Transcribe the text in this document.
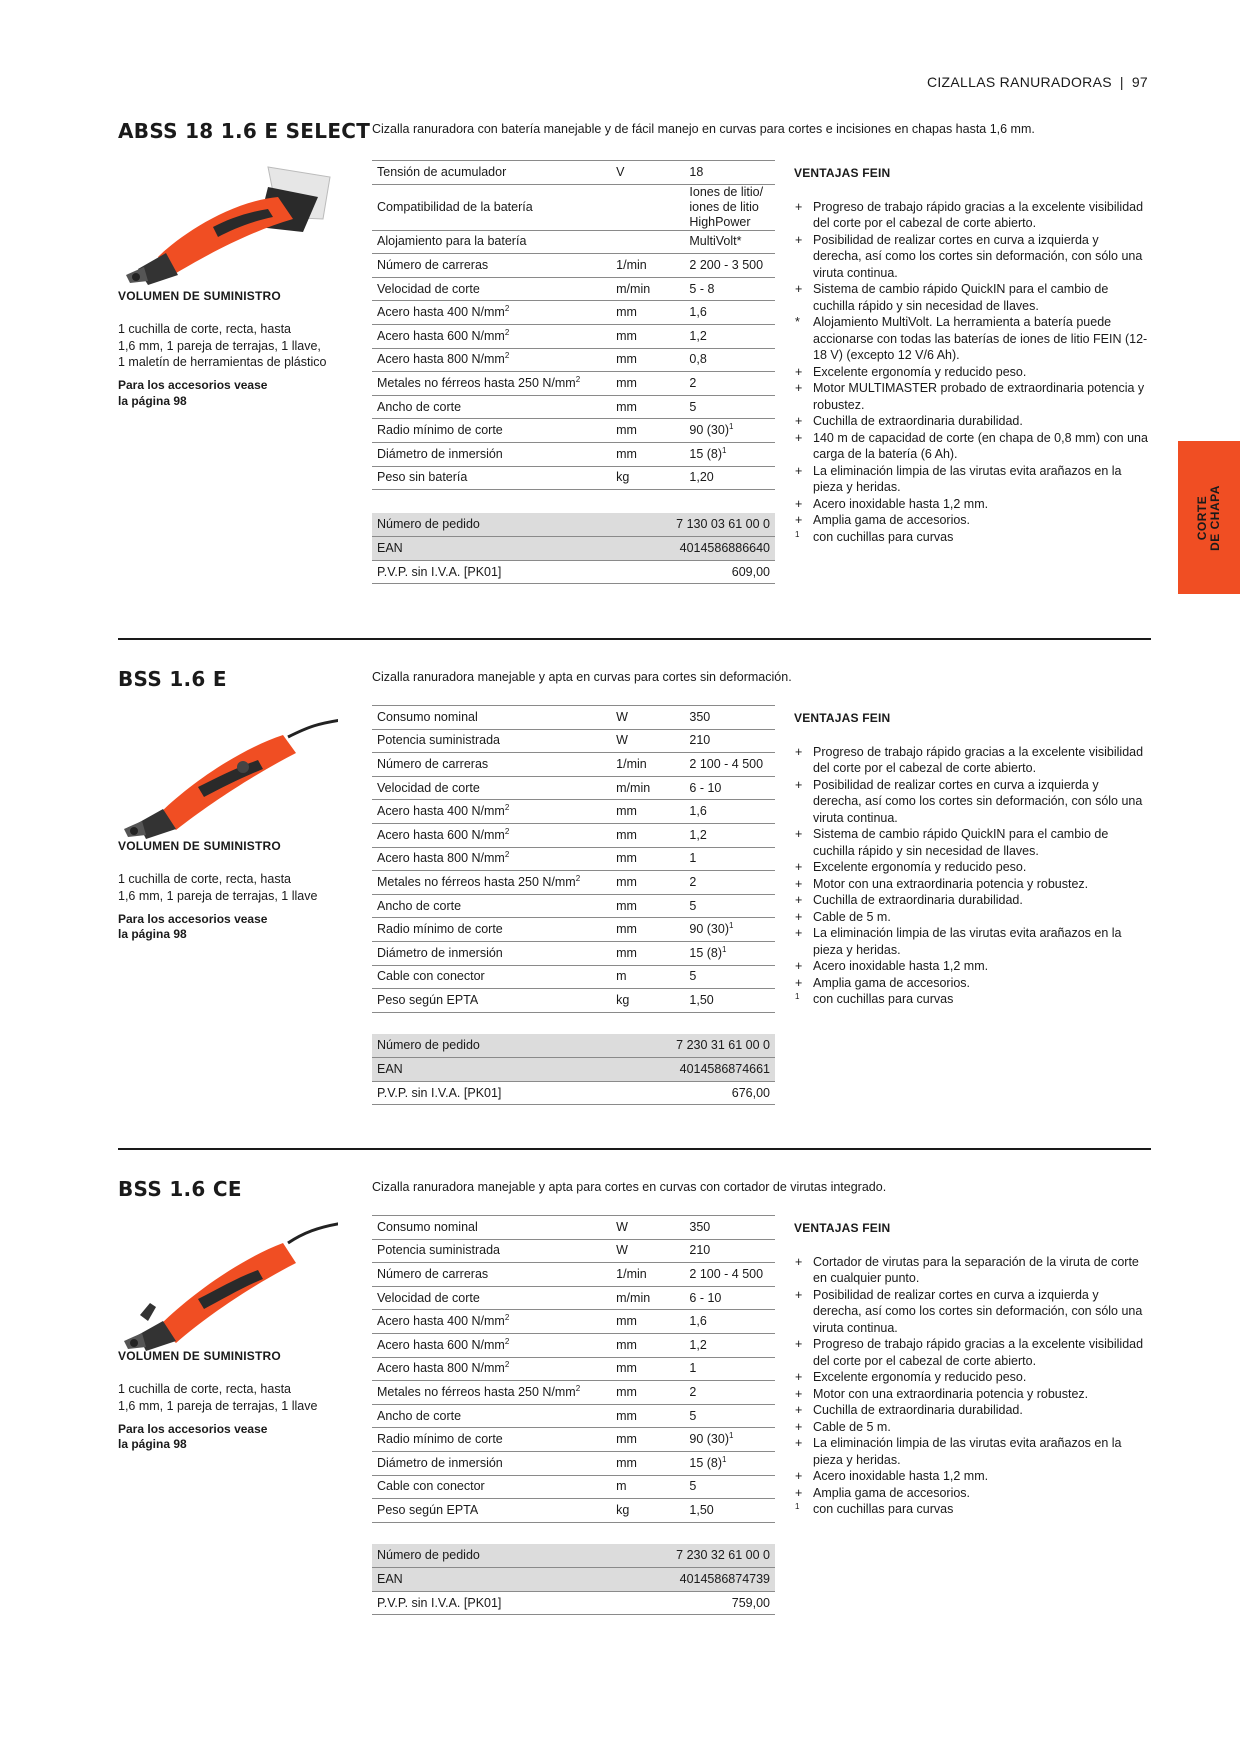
CIZALLAS RANURADORAS | 97
CORTE
DE CHAPA
ABSS 18 1.6 E SELECT Cizalla ranuradora con batería manejable y de fácil manejo en curvas para cortes e incisiones en chapas hasta 1,6 mm.
VOLUMEN DE SUMINISTRO
1 cuchilla de corte, recta, hasta
1,6 mm, 1 pareja de terrajas, 1 llave,
1 maletín de herramientas de plástico
Para los accesorios vease
la página 98
Tensión de acumulador	V	18
Compatibilidad de la batería		Iones de litio/ iones de litio HighPower
Alojamiento para la batería		MultiVolt*
Número de carreras	1/min	2 200 - 3 500
Velocidad de corte	m/min	5 - 8
Acero hasta 400 $N/mm^2$	mm	1,6
Acero hasta 600 $N/mm^2$	mm	1,2
Acero hasta 800 $N/mm^2$	mm	0,8
Metales no férreos hasta 250 $N/mm^2$	mm	2
Ancho de corte	mm	5
Radio mínimo de corte	mm	90 $(30)^1$
Diámetro de inmersión	mm	15 $(8)^1$
Peso sin batería	kg	1,20
Número de pedido	7 130 03 61 00 0
EAN	4014586886640
P.V.P. sin I.V.A. [PK01]	609,00
VENTAJAS FEIN
+ Progreso de trabajo rápido gracias a la excelente visibilidad del corte por el cabezal de corte abierto.
+ Posibilidad de realizar cortes en curva a izquierda y derecha, así como los cortes sin deformación, con sólo una viruta continua.
+ Sistema de cambio rápido QuickIN para el cambio de cuchilla rápido y sin necesidad de llaves.
*	Alojamiento MultiVolt. La herramienta a batería puede accionarse con todas las baterías de iones de litio FEIN (12-18 V) (excepto 12 V/6 Ah).
+ Excelente ergonomía y reducido peso.
+ Motor MULTIMASTER probado de extraordinaria potencia y robustez.
+ Cuchilla de extraordinaria durabilidad.
+ 140 m de capacidad de corte (en chapa de 0,8 mm) con una carga de la batería (6 Ah).
+ La eliminación limpia de las virutas evita arañazos en la pieza y heridas.
+ Acero inoxidable hasta 1,2 mm.
+ Amplia gama de accesorios.
1	con cuchillas para curvas
BSS 1.6 E	Cizalla ranuradora manejable y apta en curvas para cortes sin deformación.
VOLUMEN DE SUMINISTRO
1 cuchilla de corte, recta, hasta
1,6 mm, 1 pareja de terrajas, 1 llave
Para los accesorios vease
la página 98
Consumo nominal	W	350
Potencia suministrada	W	210
Número de carreras	1/min	2 100 - 4 500
Velocidad de corte	m/min	6 - 10
Acero hasta 400 $N/mm^2$	mm	1,6
Acero hasta 600 $N/mm^2$	mm	1,2
Acero hasta 800 $N/mm^2$	mm	1
Metales no férreos hasta 250 $N/mm^2$	mm	2
Ancho de corte	mm	5
Radio mínimo de corte	mm	90 $(30)^1$
Diámetro de inmersión	mm	15 $(8)^1$
Cable con conector	m	5
Peso según EPTA	kg	1,50
Número de pedido	7 230 31 61 00 0
EAN	4014586874661
P.V.P. sin I.V.A. [PK01]	676,00
VENTAJAS FEIN
+ Progreso de trabajo rápido gracias a la excelente visibilidad del corte por el cabezal de corte abierto.
+ Posibilidad de realizar cortes en curva a izquierda y derecha, así como los cortes sin deformación, con sólo una viruta continua.
+ Sistema de cambio rápido QuickIN para el cambio de cuchilla rápido y sin necesidad de llaves.
+ Excelente ergonomía y reducido peso.
+ Motor con una extraordinaria potencia y robustez.
+ Cuchilla de extraordinaria durabilidad.
+ Cable de 5 m.
+ La eliminación limpia de las virutas evita arañazos en la pieza y heridas.
+ Acero inoxidable hasta 1,2 mm.
+ Amplia gama de accesorios.
1	con cuchillas para curvas
BSS 1.6 CE	Cizalla ranuradora manejable y apta para cortes en curvas con cortador de virutas integrado.
VOLUMEN DE SUMINISTRO
1 cuchilla de corte, recta, hasta
1,6 mm, 1 pareja de terrajas, 1 llave
Para los accesorios vease
la página 98
Consumo nominal	W	350
Potencia suministrada	W	210
Número de carreras	1/min	2 100 - 4 500
Velocidad de corte	m/min	6 - 10
Acero hasta 400 $N/mm^2$	mm	1,6
Acero hasta 600 $N/mm^2$	mm	1,2
Acero hasta 800 $N/mm^2$	mm	1
Metales no férreos hasta 250 $N/mm^2$	mm	2
Ancho de corte	mm	5
Radio mínimo de corte	mm	90 $(30)^1$
Diámetro de inmersión	mm	15 $(8)^1$
Cable con conector	m	5
Peso según EPTA	kg	1,50
Número de pedido	7 230 32 61 00 0
EAN	4014586874739
P.V.P. sin I.V.A. [PK01]	759,00
VENTAJAS FEIN
+ Cortador de virutas para la separación de la viruta de corte en cualquier punto.
+ Posibilidad de realizar cortes en curva a izquierda y derecha, así como los cortes sin deformación, con sólo una viruta continua.
+ Progreso de trabajo rápido gracias a la excelente visibilidad del corte por el cabezal de corte abierto.
+ Excelente ergonomía y reducido peso.
+ Motor con una extraordinaria potencia y robustez.
+ Cuchilla de extraordinaria durabilidad.
+ Cable de 5 m.
+ La eliminación limpia de las virutas evita arañazos en la pieza y heridas.
+ Acero inoxidable hasta 1,2 mm.
+ Amplia gama de accesorios.
1	con cuchillas para curvas
